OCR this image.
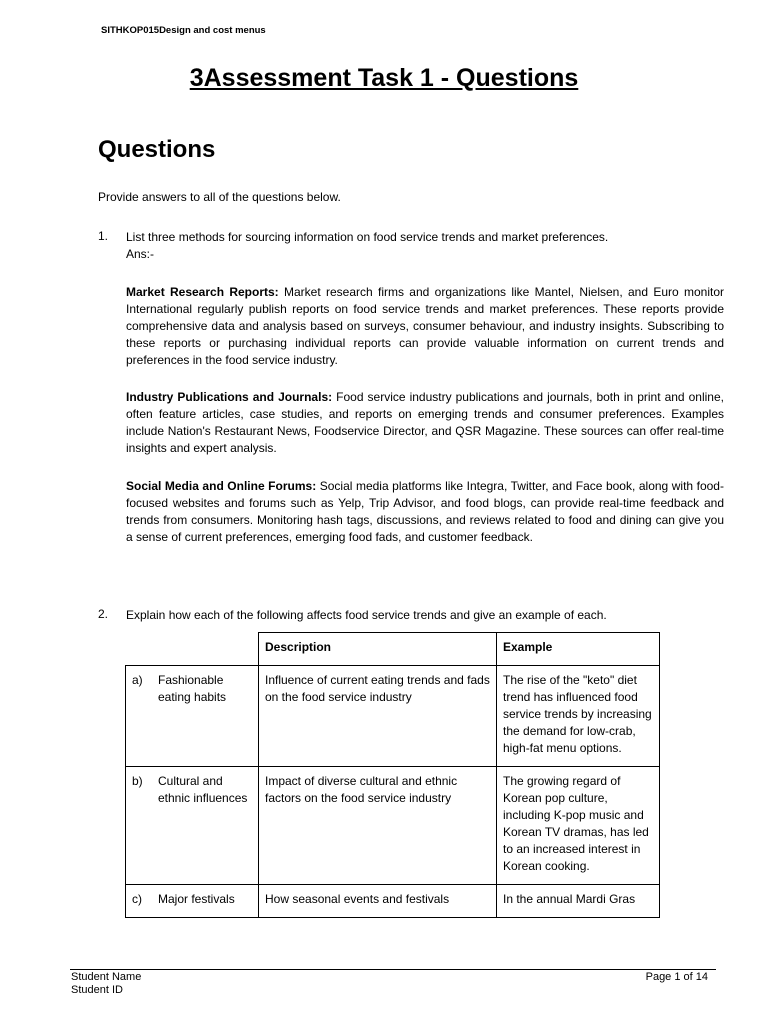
SITHKOP015Design and cost menus
3Assessment Task 1 - Questions
Questions
Provide answers to all of the questions below.
1. List three methods for sourcing information on food service trends and market preferences.
Ans:-
Market Research Reports: Market research firms and organizations like Mantel, Nielsen, and Euro monitor International regularly publish reports on food service trends and market preferences. These reports provide comprehensive data and analysis based on surveys, consumer behaviour, and industry insights. Subscribing to these reports or purchasing individual reports can provide valuable information on current trends and preferences in the food service industry.
Industry Publications and Journals: Food service industry publications and journals, both in print and online, often feature articles, case studies, and reports on emerging trends and consumer preferences. Examples include Nation's Restaurant News, Foodservice Director, and QSR Magazine. These sources can offer real-time insights and expert analysis.
Social Media and Online Forums: Social media platforms like Integra, Twitter, and Face book, along with food-focused websites and forums such as Yelp, Trip Advisor, and food blogs, can provide real-time feedback and trends from consumers. Monitoring hash tags, discussions, and reviews related to food and dining can give you a sense of current preferences, emerging food fads, and customer feedback.
2. Explain how each of the following affects food service trends and give an example of each.
		Description	Example
a)	Fashionable eating habits	Influence of current eating trends and fads on the food service industry	The rise of the "keto" diet trend has influenced food service trends by increasing the demand for low-crab, high-fat menu options.
b)	Cultural and ethnic influences	Impact of diverse cultural and ethnic factors on the food service industry	The growing regard of Korean pop culture, including K-pop music and Korean TV dramas, has led to an increased interest in Korean cooking.
c)	Major festivals	How seasonal events and festivals	In the annual Mardi Gras
Student Name
Student ID
Page 1 of 14
